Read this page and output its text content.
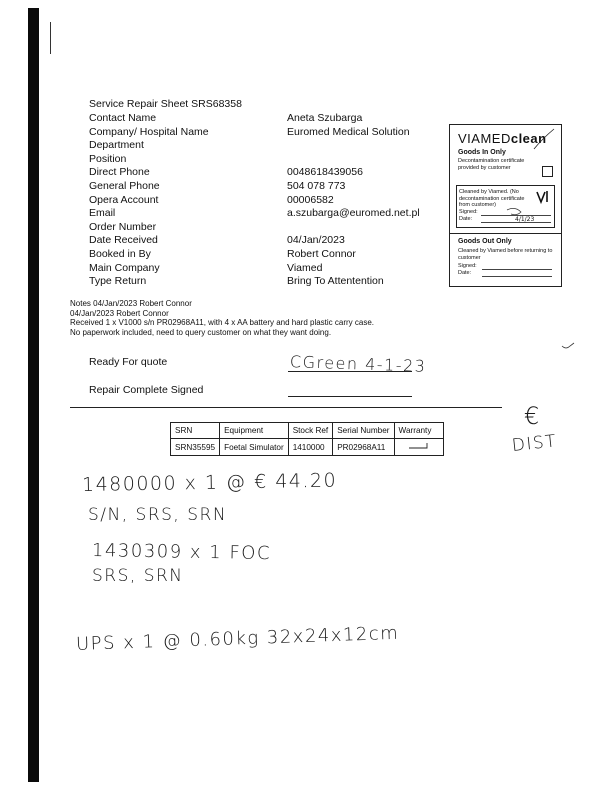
Service Repair Sheet SRS68358
Contact Name	Aneta Szubarga
Company/ Hospital Name	Euromed Medical Solution
Department
Position
Direct Phone	0048618439056
General Phone	504 078 773
Opera Account	00006582
Email	a.szubarga@euromed.net.pl
Order Number
Date Received	04/Jan/2023
Booked in By	Robert Connor
Main Company	Viamed
Type Return	Bring To Attentention
VIAMEDclean
Goods In Only
Decontamination certificate provided by customer
Cleaned by Viamed. (No decontamination certificate from customer)
Signed:
Date:	4/1/23
Goods Out Only
Cleaned by Viamed before returning to customer
Signed:
Date:
Notes 04/Jan/2023 Robert Connor
04/Jan/2023 Robert Connor
Received 1 x V1000 s/n PR02968A11, with 4 x AA battery and hard plastic carry case.
No paperwork included, need to query customer on what they want doing.
Ready For quote	CGreen 4-1-23
Repair Complete Signed
€
DIST
SRN	Equipment	Stock Ref	Serial Number	Warranty
SRN35595	Foetal Simulator	1410000	PR02968A11	
1480000 x 1 @ € 44.20
S/N, SRS, SRN
1430309 x 1 FOC
SRS, SRN
UPS x 1 @ 0.60kg 32x24x12cm
